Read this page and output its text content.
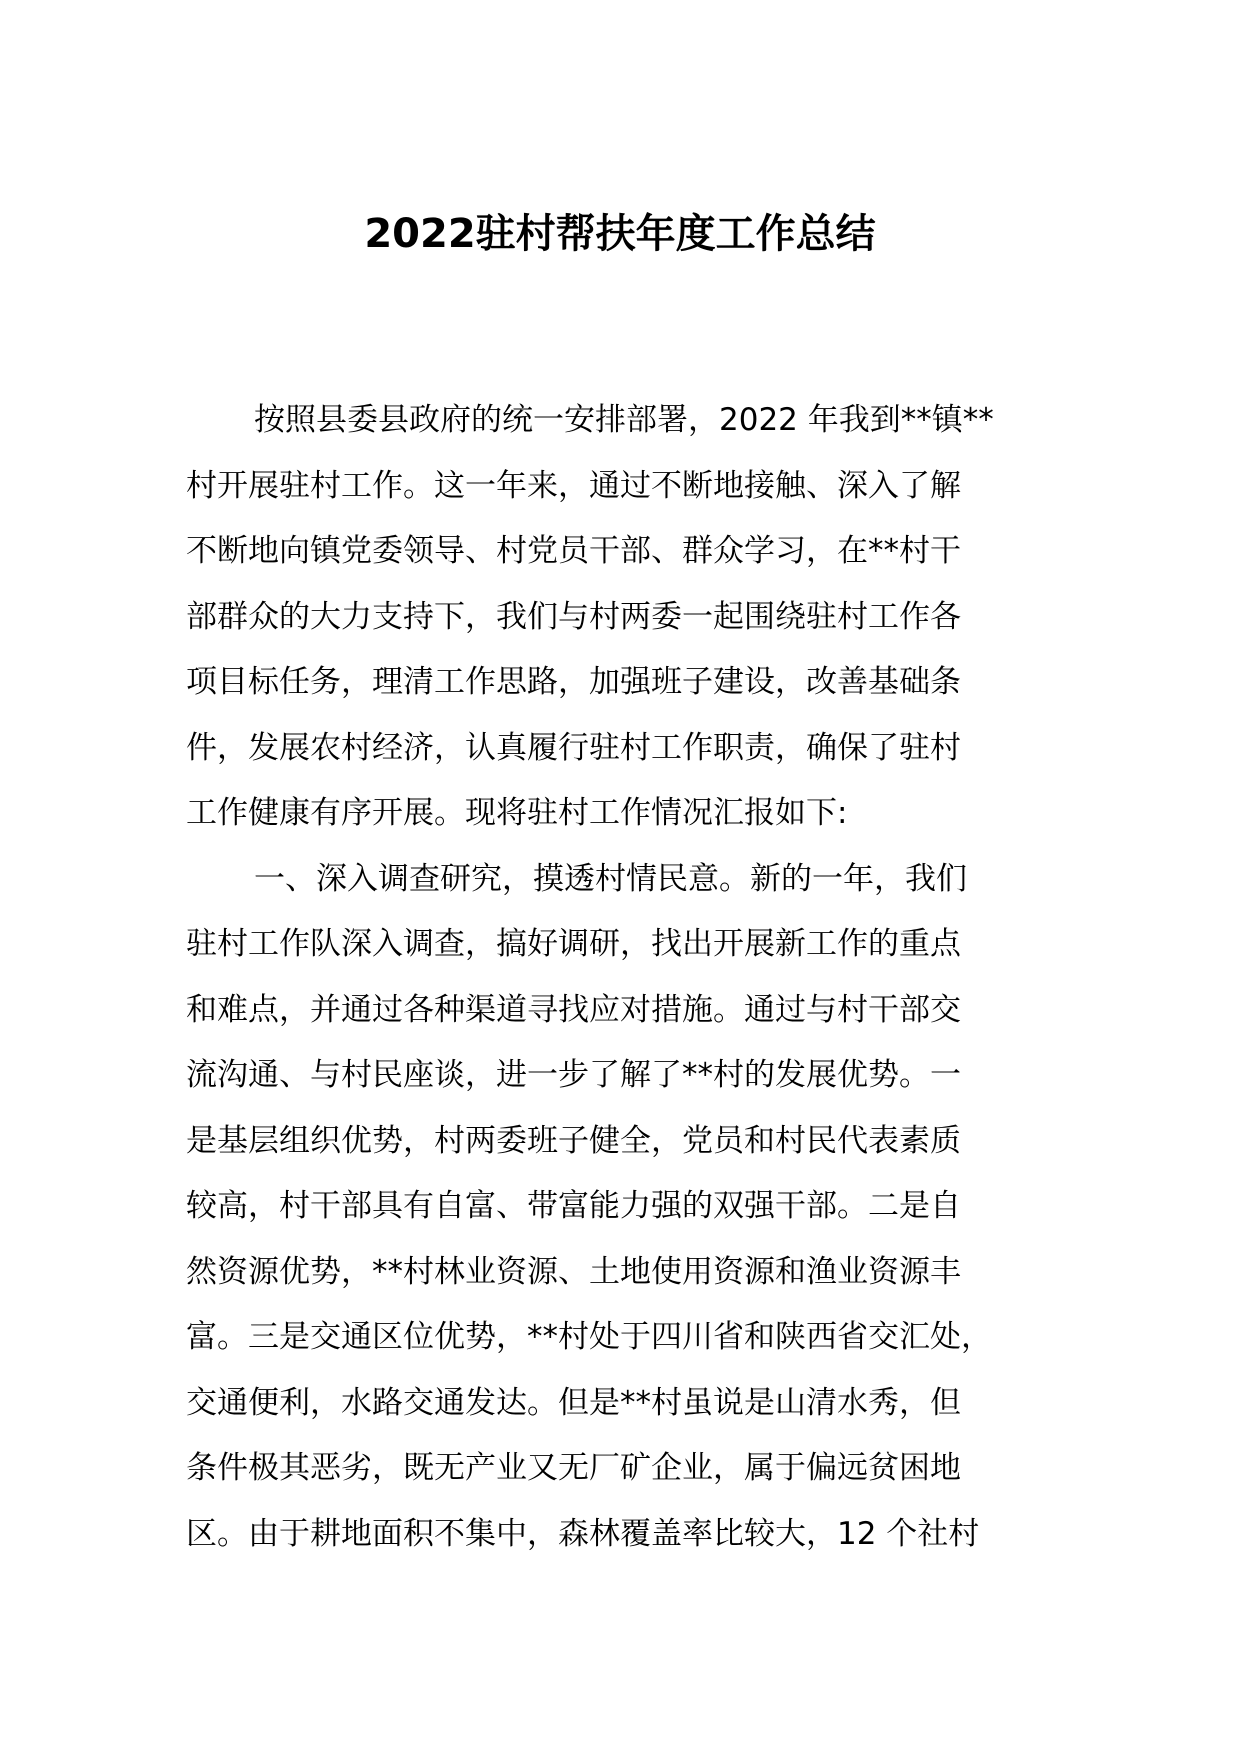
2022驻村帮扶年度工作总结

按照县委县政府的统一安排部署，2022 年我到**镇**
村开展驻村工作。这一年来，通过不断地接触、深入了解
不断地向镇党委领导、村党员干部、群众学习，在**村干
部群众的大力支持下，我们与村两委一起围绕驻村工作各
项目标任务，理清工作思路，加强班子建设，改善基础条
件，发展农村经济，认真履行驻村工作职责，确保了驻村
工作健康有序开展。现将驻村工作情况汇报如下:

一、深入调查研究，摸透村情民意。新的一年，我们
驻村工作队深入调查，搞好调研，找出开展新工作的重点
和难点，并通过各种渠道寻找应对措施。通过与村干部交
流沟通、与村民座谈，进一步了解了**村的发展优势。一
是基层组织优势，村两委班子健全，党员和村民代表素质
较高，村干部具有自富、带富能力强的双强干部。二是自
然资源优势，**村林业资源、土地使用资源和渔业资源丰
富。三是交通区位优势，**村处于四川省和陕西省交汇处，
交通便利，水路交通发达。但是**村虽说是山清水秀，但
条件极其恶劣，既无产业又无厂矿企业，属于偏远贫困地
区。由于耕地面积不集中，森林覆盖率比较大，12 个社村
